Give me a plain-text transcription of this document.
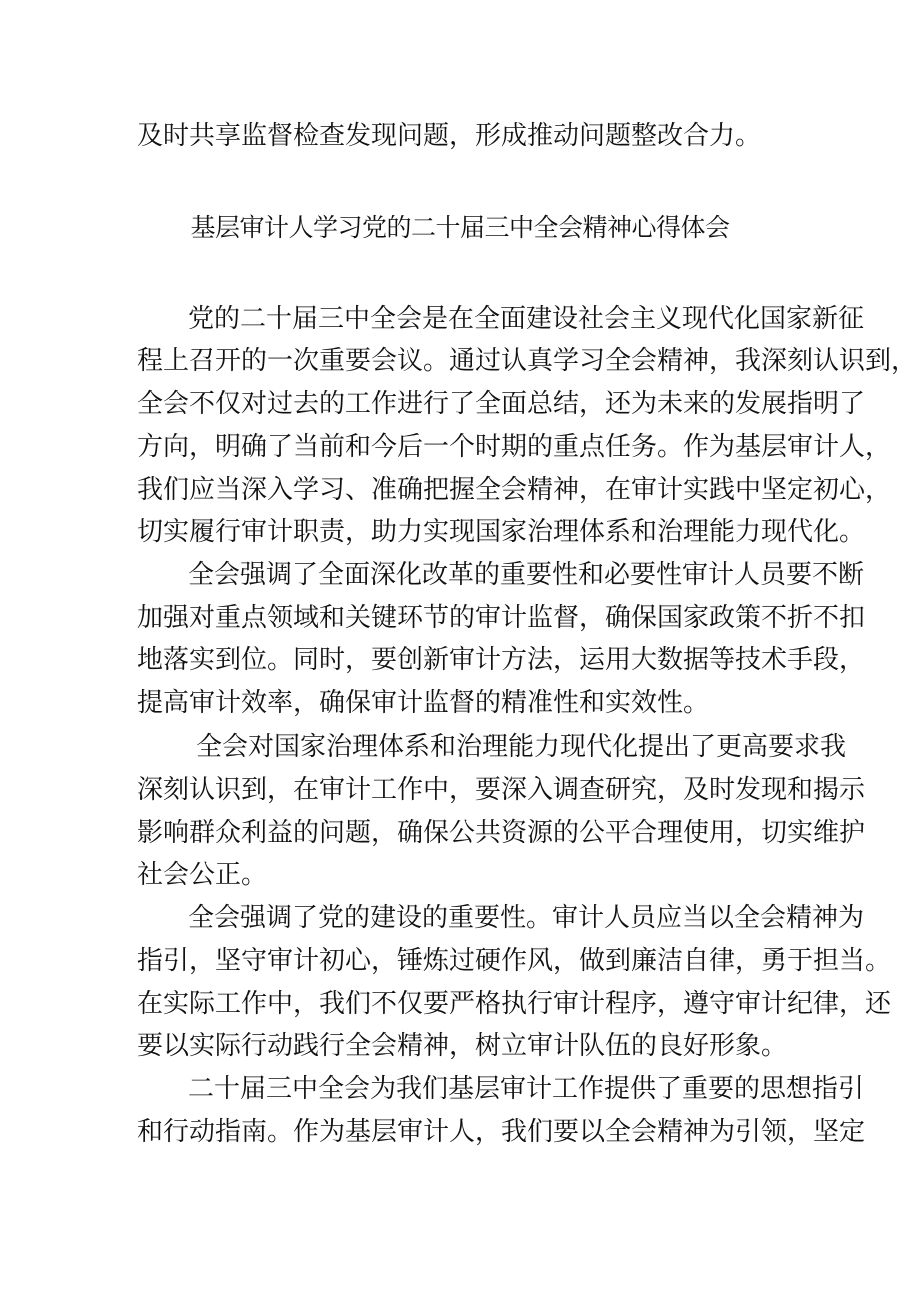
及时共享监督检查发现问题，形成推动问题整改合力。
基层审计人学习党的二十届三中全会精神心得体会
党的二十届三中全会是在全面建设社会主义现代化国家新征
程上召开的一次重要会议。通过认真学习全会精神，我深刻认识到，
全会不仅对过去的工作进行了全面总结，还为未来的发展指明了
方向，明确了当前和今后一个时期的重点任务。作为基层审计人，
我们应当深入学习、准确把握全会精神，在审计实践中坚定初心，
切实履行审计职责，助力实现国家治理体系和治理能力现代化。
全会强调了全面深化改革的重要性和必要性审计人员要不断
加强对重点领域和关键环节的审计监督，确保国家政策不折不扣
地落实到位。同时，要创新审计方法，运用大数据等技术手段，
提高审计效率，确保审计监督的精准性和实效性。
全会对国家治理体系和治理能力现代化提出了更高要求我
深刻认识到，在审计工作中，要深入调查研究，及时发现和揭示
影响群众利益的问题，确保公共资源的公平合理使用，切实维护
社会公正。
全会强调了党的建设的重要性。审计人员应当以全会精神为
指引，坚守审计初心，锤炼过硬作风，做到廉洁自律，勇于担当。
在实际工作中，我们不仅要严格执行审计程序，遵守审计纪律，还
要以实际行动践行全会精神，树立审计队伍的良好形象。
二十届三中全会为我们基层审计工作提供了重要的思想指引
和行动指南。作为基层审计人，我们要以全会精神为引领，坚定
